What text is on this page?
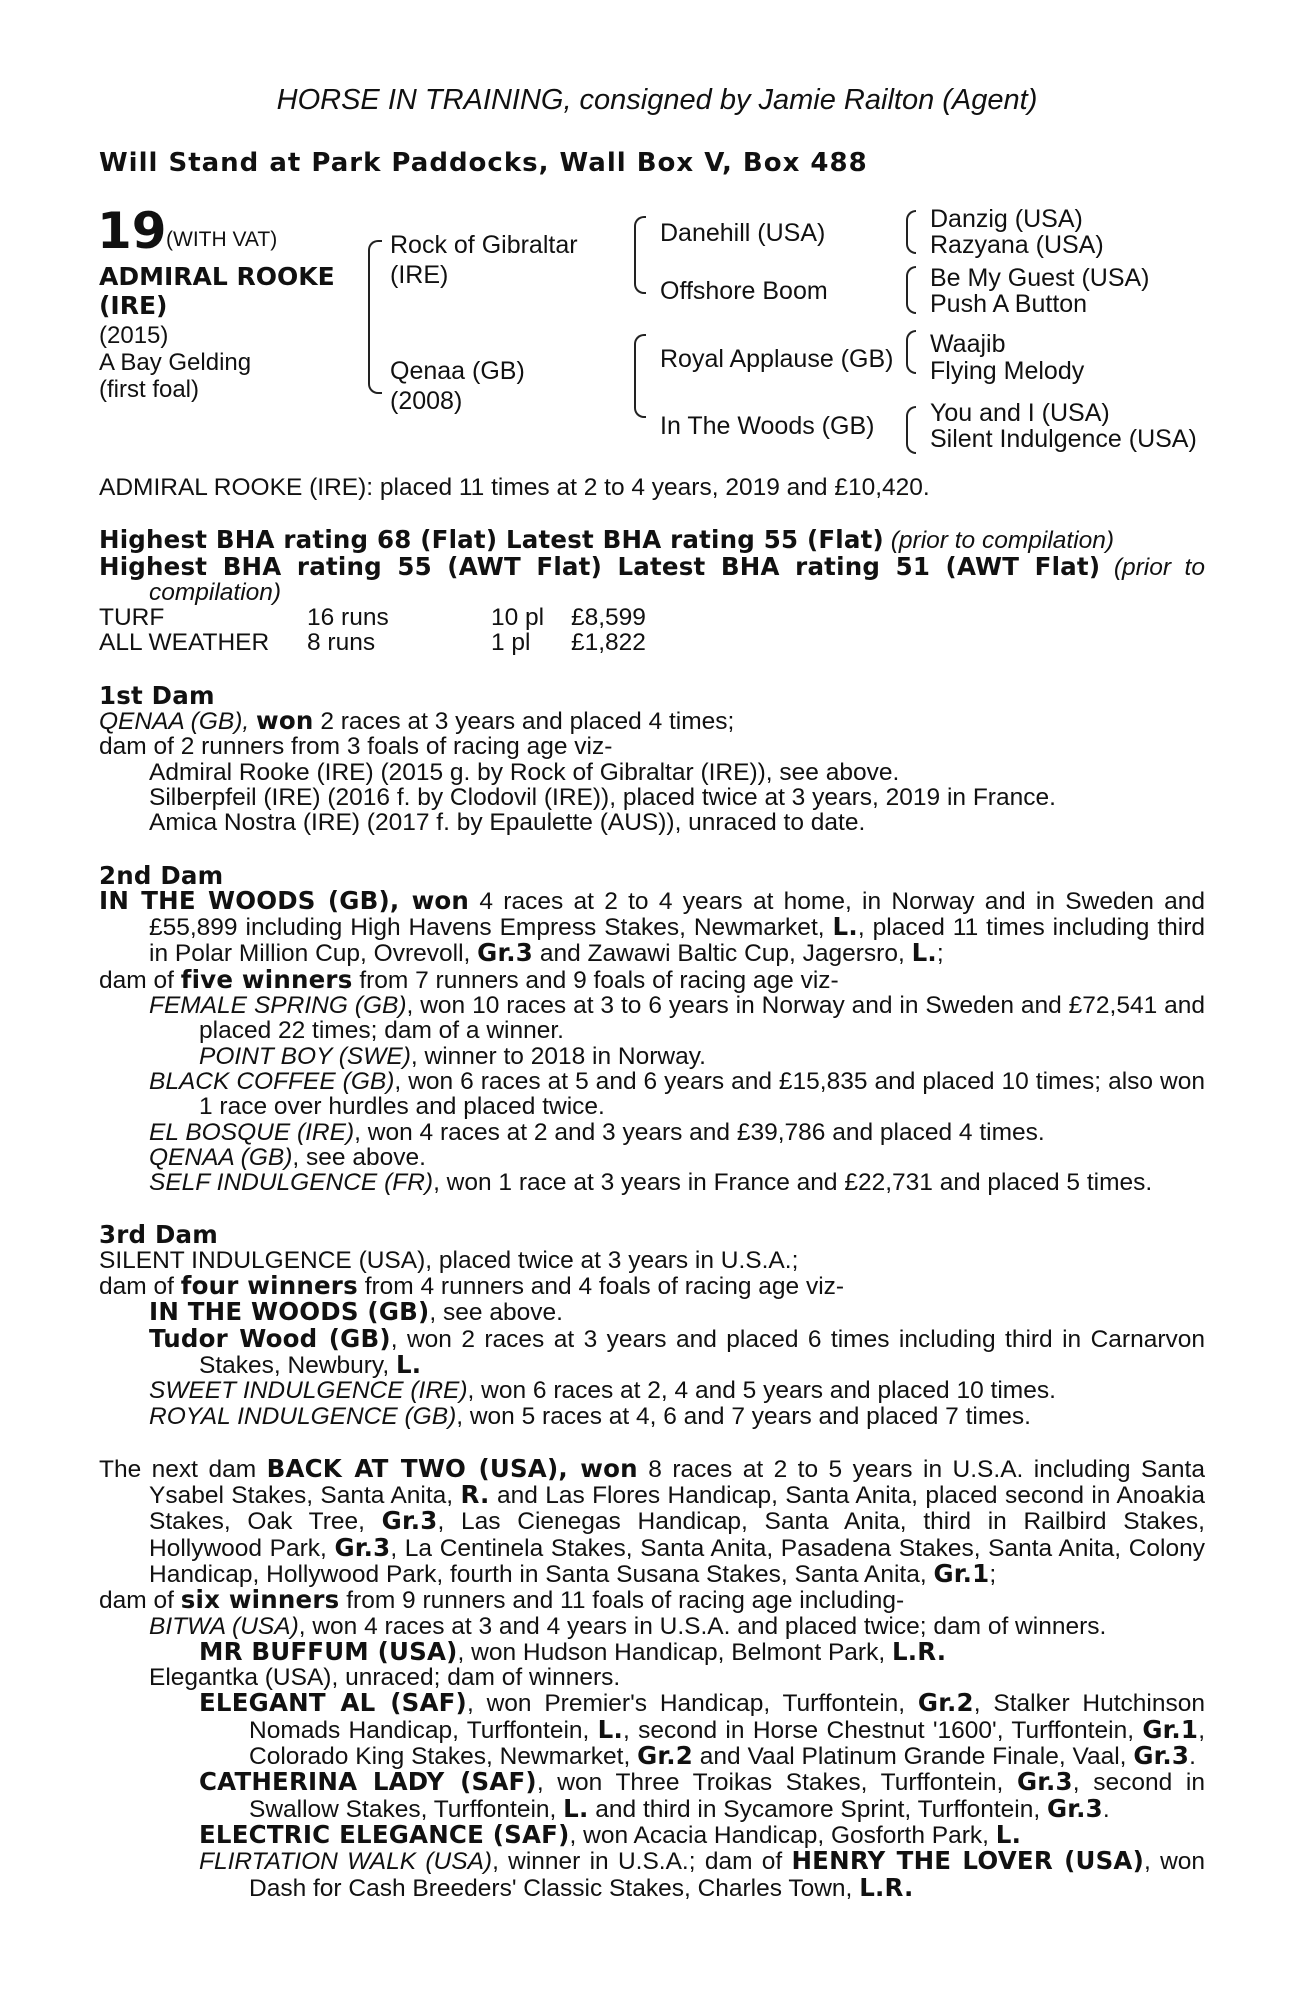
HORSE IN TRAINING, consigned by Jamie Railton (Agent)
Will Stand at Park Paddocks, Wall Box V, Box 488
19 (WITH VAT)
ADMIRAL ROOKE
(IRE)
(2015)
A Bay Gelding
(first foal)
Rock of Gibraltar
(IRE)
Qenaa (GB)
(2008)
Danehill (USA)
Offshore Boom
Royal Applause (GB)
In The Woods (GB)
Danzig (USA)
Razyana (USA)
Be My Guest (USA)
Push A Button
Waajib
Flying Melody
You and I (USA)
Silent Indulgence (USA)

ADMIRAL ROOKE (IRE): placed 11 times at 2 to 4 years, 2019 and £10,420.

Highest BHA rating 68 (Flat) Latest BHA rating 55 (Flat) (prior to compilation)

Highest BHA rating 55 (AWT Flat) Latest BHA rating 51 (AWT Flat) (prior to compilation)

TURF	16 runs	10 pl	£8,599
ALL WEATHER	8 runs	1 pl	£1,822

1st Dam

QENAA (GB), won 2 races at 3 years and placed 4 times;

dam of 2 runners from 3 foals of racing age viz-

Admiral Rooke (IRE) (2015 g. by Rock of Gibraltar (IRE)), see above.

Silberpfeil (IRE) (2016 f. by Clodovil (IRE)), placed twice at 3 years, 2019 in France.

Amica Nostra (IRE) (2017 f. by Epaulette (AUS)), unraced to date.

2nd Dam

IN THE WOODS (GB), won 4 races at 2 to 4 years at home, in Norway and in Sweden and £55,899 including High Havens Empress Stakes, Newmarket, L., placed 11 times including third in Polar Million Cup, Ovrevoll, Gr.3 and Zawawi Baltic Cup, Jagersro, L.;

dam of five winners from 7 runners and 9 foals of racing age viz-

FEMALE SPRING (GB), won 10 races at 3 to 6 years in Norway and in Sweden and £72,541 and placed 22 times; dam of a winner.

POINT BOY (SWE), winner to 2018 in Norway.

BLACK COFFEE (GB), won 6 races at 5 and 6 years and £15,835 and placed 10 times; also won 1 race over hurdles and placed twice.

EL BOSQUE (IRE), won 4 races at 2 and 3 years and £39,786 and placed 4 times.

QENAA (GB), see above.

SELF INDULGENCE (FR), won 1 race at 3 years in France and £22,731 and placed 5 times.

3rd Dam

SILENT INDULGENCE (USA), placed twice at 3 years in U.S.A.;

dam of four winners from 4 runners and 4 foals of racing age viz-

IN THE WOODS (GB), see above.

Tudor Wood (GB), won 2 races at 3 years and placed 6 times including third in Carnarvon Stakes, Newbury, L.

SWEET INDULGENCE (IRE), won 6 races at 2, 4 and 5 years and placed 10 times.

ROYAL INDULGENCE (GB), won 5 races at 4, 6 and 7 years and placed 7 times.

The next dam BACK AT TWO (USA), won 8 races at 2 to 5 years in U.S.A. including Santa Ysabel Stakes, Santa Anita, R. and Las Flores Handicap, Santa Anita, placed second in Anoakia Stakes, Oak Tree, Gr.3, Las Cienegas Handicap, Santa Anita, third in Railbird Stakes, Hollywood Park, Gr.3, La Centinela Stakes, Santa Anita, Pasadena Stakes, Santa Anita, Colony Handicap, Hollywood Park, fourth in Santa Susana Stakes, Santa Anita, Gr.1;

dam of six winners from 9 runners and 11 foals of racing age including-

BITWA (USA), won 4 races at 3 and 4 years in U.S.A. and placed twice; dam of winners.

MR BUFFUM (USA), won Hudson Handicap, Belmont Park, L.R.

Elegantka (USA), unraced; dam of winners.

ELEGANT AL (SAF), won Premier's Handicap, Turffontein, Gr.2, Stalker Hutchinson Nomads Handicap, Turffontein, L., second in Horse Chestnut '1600', Turffontein, Gr.1, Colorado King Stakes, Newmarket, Gr.2 and Vaal Platinum Grande Finale, Vaal, Gr.3.

CATHERINA LADY (SAF), won Three Troikas Stakes, Turffontein, Gr.3, second in Swallow Stakes, Turffontein, L. and third in Sycamore Sprint, Turffontein, Gr.3.

ELECTRIC ELEGANCE (SAF), won Acacia Handicap, Gosforth Park, L.

FLIRTATION WALK (USA), winner in U.S.A.; dam of HENRY THE LOVER (USA), won Dash for Cash Breeders' Classic Stakes, Charles Town, L.R.
